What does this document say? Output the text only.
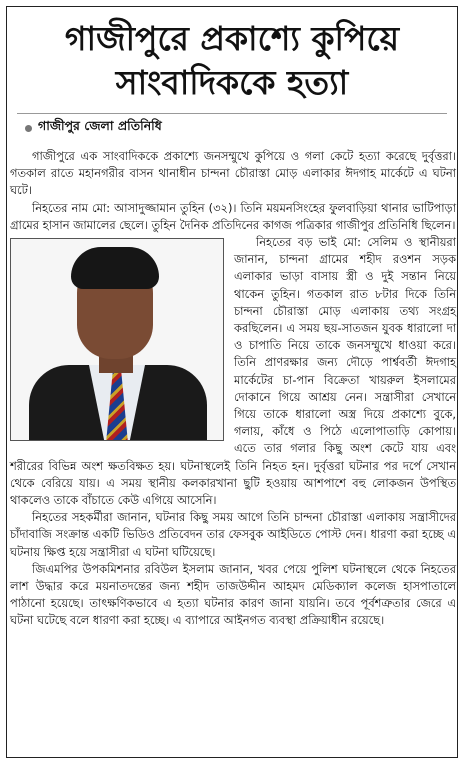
গাজীপুরে প্রকাশ্যে কুপিয়ে
সাংবাদিককে হত্যা
গাজীপুর জেলা প্রতিনিধি

গাজীপুরে এক সাংবাদিককে প্রকাশ্যে জনসম্মুখে কুপিয়ে ও গলা কেটে হত্যা করেছে দুর্বৃত্তরা। গতকাল রাতে মহানগরীর বাসন থানাধীন চান্দনা চৌরাস্তা মোড় এলাকার ঈদগাহ মার্কেটে এ ঘটনা ঘটে।

নিহতের নাম মো: আসাদুজ্জামান তুহিন (৩২)। তিনি ময়মনসিংহের ফুলবাড়িয়া থানার ভাটিপাড়া গ্রামের হাসান জামালের ছেলে। তুহিন দৈনিক প্রতিদিনের কাগজ পত্রিকার গাজীপুর প্রতিনিধি ছিলেন।

নিহতের বড় ভাই মো: সেলিম ও স্থানীয়রা জানান, চান্দনা গ্রামের শহীদ রওশন সড়ক এলাকার ভাড়া বাসায় স্ত্রী ও দুই সন্তান নিয়ে থাকেন তুহিন। গতকাল রাত ৮টার দিকে তিনি চান্দনা চৌরাস্তা মোড় এলাকায় তথ্য সংগ্রহ করছিলেন। এ সময় ছয়-সাতজন যুবক ধারালো দা ও চাপাতি নিয়ে তাকে জনসম্মুখে ধাওয়া করে। তিনি প্রাণরক্ষার জন্য দৌড়ে পার্শ্ববর্তী ঈদগাহ মার্কেটের চা-পান বিক্রেতা খায়রুল ইসলামের দোকানে গিয়ে আশ্রয় নেন। সন্ত্রাসীরা সেখানে গিয়ে তাকে ধারালো অস্ত্র দিয়ে প্রকাশ্যে বুকে, গলায়, কাঁধে ও পিঠে এলোপাতাড়ি কোপায়। এতে তার গলার কিছু অংশ কেটে যায় এবং শরীরের বিভিন্ন অংশ ক্ষতবিক্ষত হয়। ঘটনাস্থলেই তিনি নিহত হন। দুর্বৃত্তরা ঘটনার পর দর্পে সেখান থেকে বেরিয়ে যায়। এ সময় স্থানীয় কলকারখানা ছুটি হওয়ায় আশপাশে বহু লোকজন উপস্থিত থাকলেও তাকে বাঁচাতে কেউ এগিয়ে আসেনি।

নিহতের সহকর্মীরা জানান, ঘটনার কিছু সময় আগে তিনি চান্দনা চৌরাস্তা এলাকায় সন্ত্রাসীদের চাঁদাবাজি সংক্রান্ত একটি ভিডিও প্রতিবেদন তার ফেসবুক আইডিতে পোস্ট দেন। ধারণা করা হচ্ছে এ ঘটনায় ক্ষিপ্ত হয়ে সন্ত্রাসীরা এ ঘটনা ঘটিয়েছে।

জিএমপির উপকমিশনার রবিউল ইসলাম জানান, খবর পেয়ে পুলিশ ঘটনাস্থলে থেকে নিহতের লাশ উদ্ধার করে ময়নাতদন্তের জন্য শহীদ তাজউদ্দীন আহমদ মেডিক্যাল কলেজ হাসপাতালে পাঠানো হয়েছে। তাৎক্ষণিকভাবে এ হত্যা ঘটনার কারণ জানা যায়নি। তবে পূর্বশত্রুতার জেরে এ ঘটনা ঘটেছে বলে ধারণা করা হচ্ছে। এ ব্যাপারে আইনগত ব্যবস্থা প্রক্রিয়াধীন রয়েছে।
